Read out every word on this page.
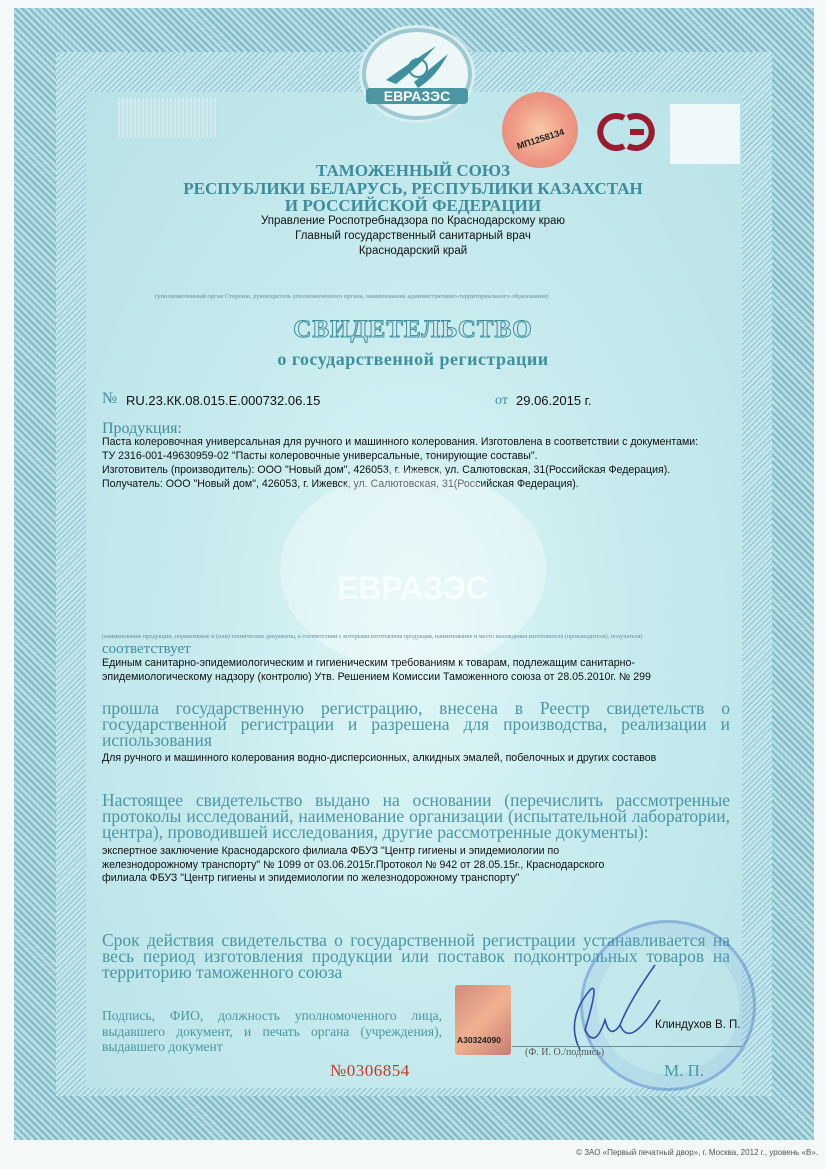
ЕВРАЗЭС
МП1258134
ТАМОЖЕННЫЙ СОЮЗ
РЕСПУБЛИКИ БЕЛАРУСЬ, РЕСПУБЛИКИ КАЗАХСТАН
И РОССИЙСКОЙ ФЕДЕРАЦИИ
Управление Роспотребнадзора по Краснодарскому краю
Главный государственный санитарный врач
Краснодарский край
(уполномоченный орган Стороны, руководитель уполномоченного органа, наименование административно-территориального образования)
СВИДЕТЕЛЬСТВО
о государственной регистрации
№ RU.23.КК.08.015.Е.000732.06.15	от 29.06.2015 г.
Продукция:
Паста колеровочная универсальная для ручного и машинного колерования. Изготовлена в соответствии с документами: ТУ 2316-001-49630959-02 "Пасты колеровочные универсальные, тонирующие составы".
Изготовитель (производитель): ООО "Новый дом", 426053, г. Ижевск, ул. Салютовская, 31(Российская Федерация).
Получатель: ООО "Новый дом", 426053, г. Ижевск, ул. Салютовская, 31(Российская Федерация).
ЕВРАЗЭС
(наименование продукции, нормативные и (или) технические документы, в соответствии с которыми изготовлена продукция, наименование и место нахождения изготовителя (производителя), получателя)
соответствует
Единым санитарно-эпидемиологическим и гигиеническим требованиям к товарам, подлежащим санитарно-эпидемиологическому надзору (контролю) Утв. Решением Комиссии Таможенного союза от 28.05.2010г. № 299
прошла государственную регистрацию, внесена в Реестр свидетельств о государственной регистрации и разрешена для производства, реализации и использования
Для ручного и машинного колерования водно-дисперсионных, алкидных эмалей, побелочных и других составов
Настоящее свидетельство выдано на основании (перечислить рассмотренные протоколы исследований, наименование организации (испытательной лаборатории, центра), проводившей исследования, другие рассмотренные документы):
экспертное заключение Краснодарского филиала ФБУЗ "Центр гигиены и эпидемиологии по железнодорожному транспорту" № 1099 от 03.06.2015г.Протокол № 942 от 28.05.15г., Краснодарского филиала ФБУЗ "Центр гигиены и эпидемиологии по железнодорожному транспорту"
Срок действия свидетельства о государственной регистрации устанавливается на весь период изготовления продукции или поставок подконтрольных товаров на территорию таможенного союза
Подпись, ФИО, должность уполномоченного лица, выдавшего документ, и печать органа (учреждения), выдавшего документ	А30324090
Клиндухов В. П.
(Ф. И. О./подпись)
М. П.
№0306854
© ЗАО «Первый печатный двор», г. Москва, 2012 г., уровень «В».
